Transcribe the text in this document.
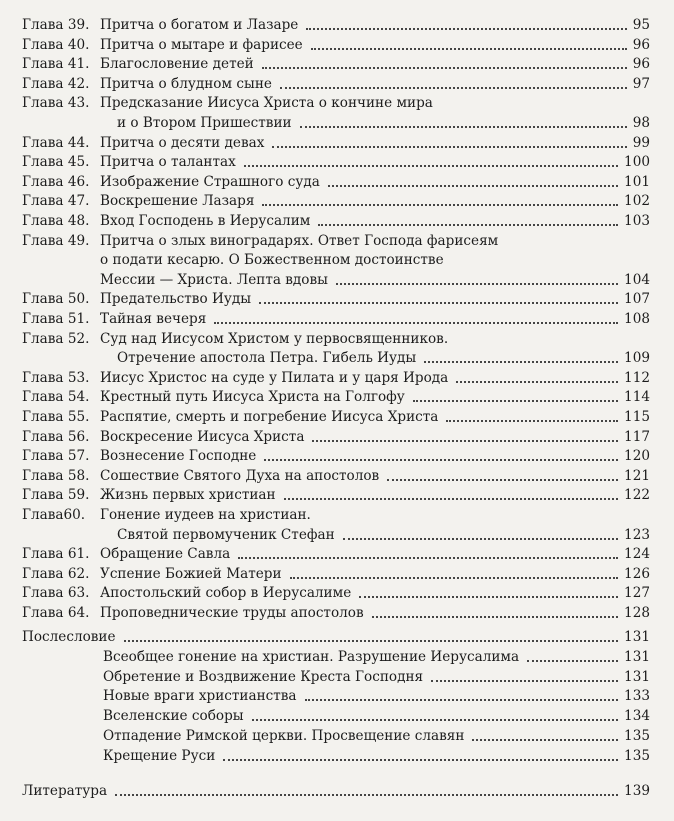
Глава 39. Притча о богатом и Лазаре	95
Глава 40. Притча о мытаре и фарисее	96
Глава 41. Благословение детей	96
Глава 42. Притча о блудном сыне	97
Глава 43. Предсказание Иисуса Христа о кончине мира
и о Втором Пришествии	98
Глава 44. Притча о десяти девах	99
Глава 45. Притча о талантах	100
Глава 46. Изображение Страшного суда	101
Глава 47. Воскрешение Лазаря	102
Глава 48. Вход Господень в Иерусалим	103
Глава 49. Притча о злых виноградарях. Ответ Господа фарисеям
о подати кесарю. О Божественном достоинстве
Мессии — Христа. Лепта вдовы	104
Глава 50. Предательство Иуды	107
Глава 51. Тайная вечеря	108
Глава 52. Суд над Иисусом Христом у первосвященников.
Отречение апостола Петра. Гибель Иуды	109
Глава 53. Иисус Христос на суде у Пилата и у царя Ирода	112
Глава 54. Крестный путь Иисуса Христа на Голгофу	114
Глава 55. Распятие, смерть и погребение Иисуса Христа	115
Глава 56. Воскресение Иисуса Христа	117
Глава 57. Вознесение Господне	120
Глава 58. Сошествие Святого Духа на апостолов	121
Глава 59. Жизнь первых христиан	122
Глава60. Гонение иудеев на христиан.
Святой первомученик Стефан	123
Глава 61. Обращение Савла	124
Глава 62. Успение Божией Матери	126
Глава 63. Апостольский собор в Иерусалиме	127
Глава 64. Проповеднические труды апостолов	128
Послесловие	131
Всеобщее гонение на христиан. Разрушение Иерусалима	131
Обретение и Воздвижение Креста Господня	131
Новые враги христианства	133
Вселенские соборы	134
Отпадение Римской церкви. Просвещение славян	135
Крещение Руси	135
Литература	139
